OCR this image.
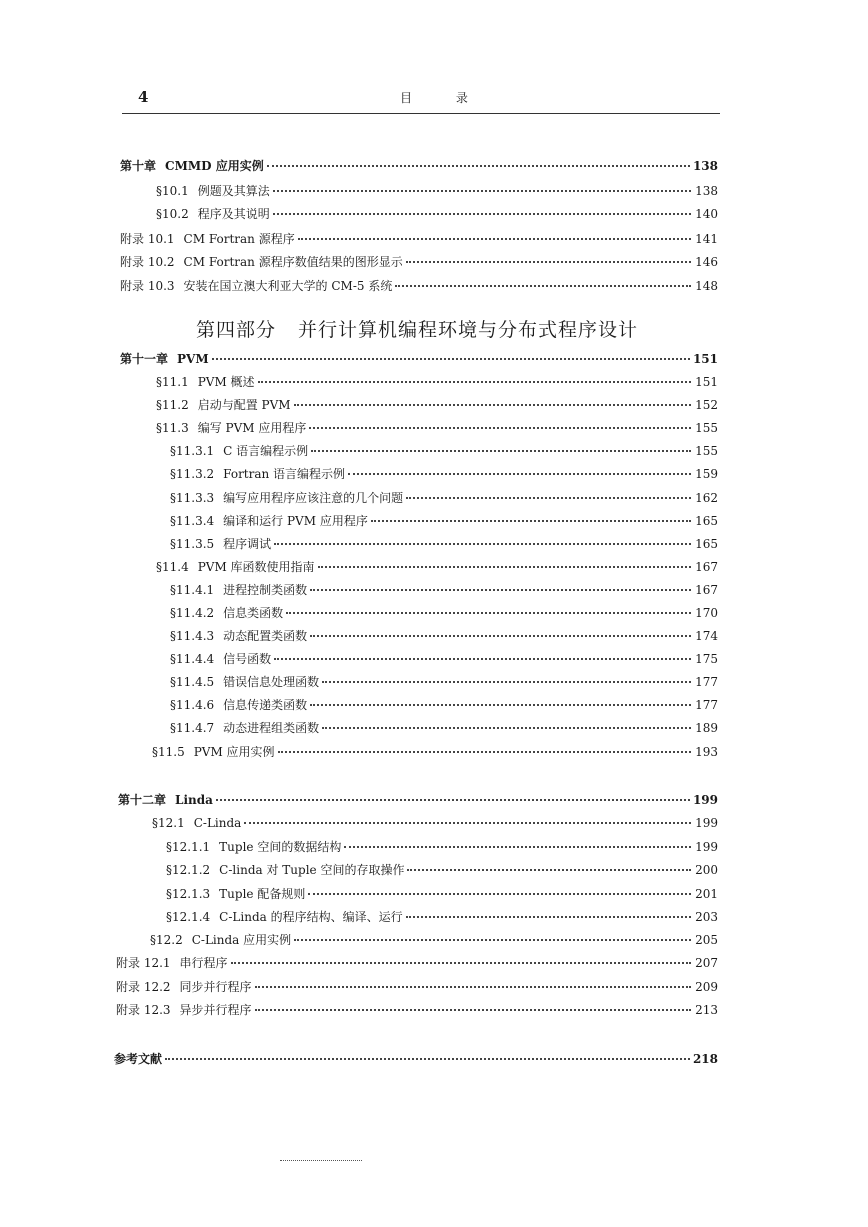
4	目 录
第四部分 并行计算机编程环境与分布式程序设计
第十章 CMMD 应用实例	138
§10.1 例题及其算法	138
§10.2 程序及其说明	140
附录 10.1 CM Fortran 源程序	141
附录 10.2 CM Fortran 源程序数值结果的图形显示	146
附录 10.3 安装在国立澳大利亚大学的 CM-5 系统	148
第十一章 PVM	151
§11.1 PVM 概述	151
§11.2 启动与配置 PVM	152
§11.3 编写 PVM 应用程序	155
§11.3.1 C 语言编程示例	155
§11.3.2 Fortran 语言编程示例	159
§11.3.3 编写应用程序应该注意的几个问题	162
§11.3.4 编译和运行 PVM 应用程序	165
§11.3.5 程序调试	165
§11.4 PVM 库函数使用指南	167
§11.4.1 进程控制类函数	167
§11.4.2 信息类函数	170
§11.4.3 动态配置类函数	174
§11.4.4 信号函数	175
§11.4.5 错误信息处理函数	177
§11.4.6 信息传递类函数	177
§11.4.7 动态进程组类函数	189
§11.5 PVM 应用实例	193
第十二章 Linda	199
§12.1 C-Linda	199
§12.1.1 Tuple 空间的数据结构	199
§12.1.2 C-linda 对 Tuple 空间的存取操作	200
§12.1.3 Tuple 配备规则	201
§12.1.4 C-Linda 的程序结构、编译、运行	203
§12.2 C-Linda 应用实例	205
附录 12.1 串行程序	207
附录 12.2 同步并行程序	209
附录 12.3 异步并行程序	213
参考文献	218
